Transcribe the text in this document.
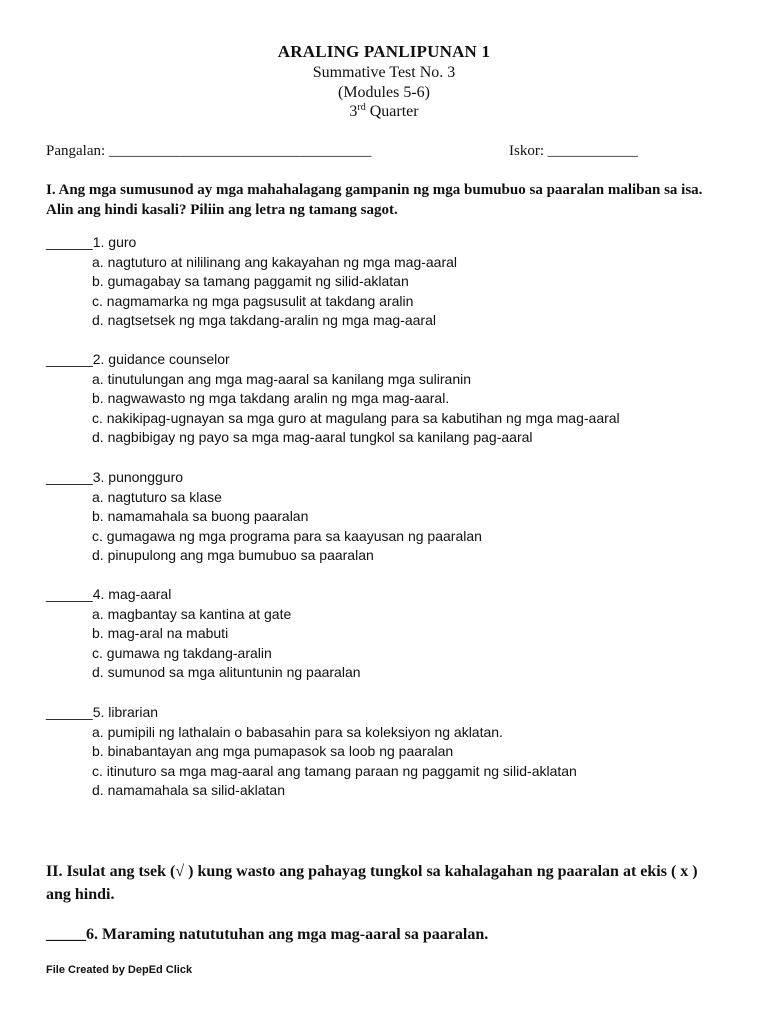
ARALING PANLIPUNAN 1
Summative Test No. 3
(Modules 5-6)
3rd Quarter
Pangalan: ___________________________________	Iskor: ____________
I. Ang mga sumusunod ay mga mahahalagang gampanin ng mga bumubuo sa paaralan maliban sa isa. Alin ang hindi kasali? Piliin ang letra ng tamang sagot.
______1. guro
a. nagtuturo at nililinang ang kakayahan ng mga mag-aaral
b. gumagabay sa tamang paggamit ng silid-aklatan
c. nagmamarka ng mga pagsusulit at takdang aralin
d. nagtsetsek ng mga takdang-aralin ng mga mag-aaral
______2. guidance counselor
a. tinutulungan ang mga mag-aaral sa kanilang mga suliranin
b. nagwawasto ng mga takdang aralin ng mga mag-aaral.
c. nakikipag-ugnayan sa mga guro at magulang para sa kabutihan ng mga mag-aaral
d. nagbibigay ng payo sa mga mag-aaral tungkol sa kanilang pag-aaral
______3. punongguro
a. nagtuturo sa klase
b. namamahala sa buong paaralan
c. gumagawa ng mga programa para sa kaayusan ng paaralan
d. pinupulong ang mga bumubuo sa paaralan
______4. mag-aaral
a. magbantay sa kantina at gate
b. mag-aral na mabuti
c. gumawa ng takdang-aralin
d. sumunod sa mga alituntunin ng paaralan
______5. librarian
a. pumipili ng lathalain o babasahin para sa koleksiyon ng aklatan.
b. binabantayan ang mga pumapasok sa loob ng paaralan
c. itinuturo sa mga mag-aaral ang tamang paraan ng paggamit ng silid-aklatan
d. namamahala sa silid-aklatan
II. Isulat ang tsek (√ ) kung wasto ang pahayag tungkol sa kahalagahan ng paaralan at ekis ( x ) ang hindi.
_____6. Maraming natututuhan ang mga mag-aaral sa paaralan.
File Created by DepEd Click
